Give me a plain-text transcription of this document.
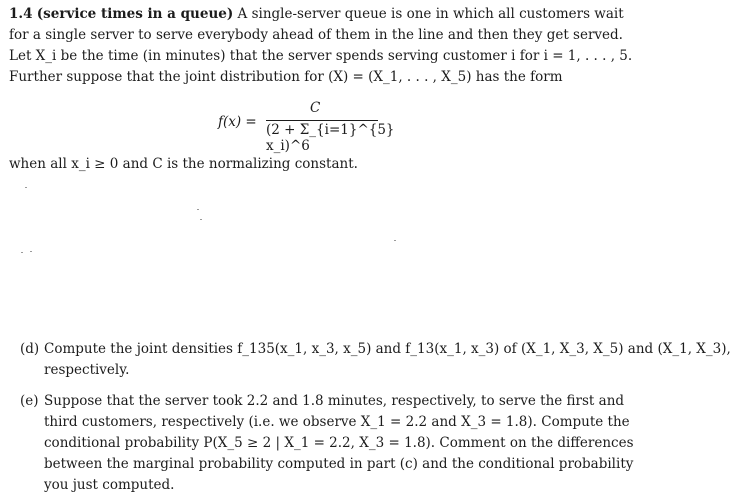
1.4 (service times in a queue) A single-server queue is one in which all customers wait
for a single server to serve everybody ahead of them in the line and then they get served.
Let X_i be the time (in minutes) that the server spends serving customer i for i = 1, . . . , 5.
Further suppose that the joint distribution for (X) = (X_1, . . . , X_5) has the form
f(x) =
C
(2 + Σ_{i=1}^{5} x_i)^6
when all x_i ≥ 0 and C is the normalizing constant.
(d) Compute the joint densities f_135(x_1, x_3, x_5) and f_13(x_1, x_3) of (X_1, X_3, X_5) and (X_1, X_3),
respectively.
(e) Suppose that the server took 2.2 and 1.8 minutes, respectively, to serve the first and
third customers, respectively (i.e. we observe X_1 = 2.2 and X_3 = 1.8). Compute the
conditional probability P(X_5 ≥ 2 | X_1 = 2.2, X_3 = 1.8). Comment on the differences
between the marginal probability computed in part (c) and the conditional probability
you just computed.
